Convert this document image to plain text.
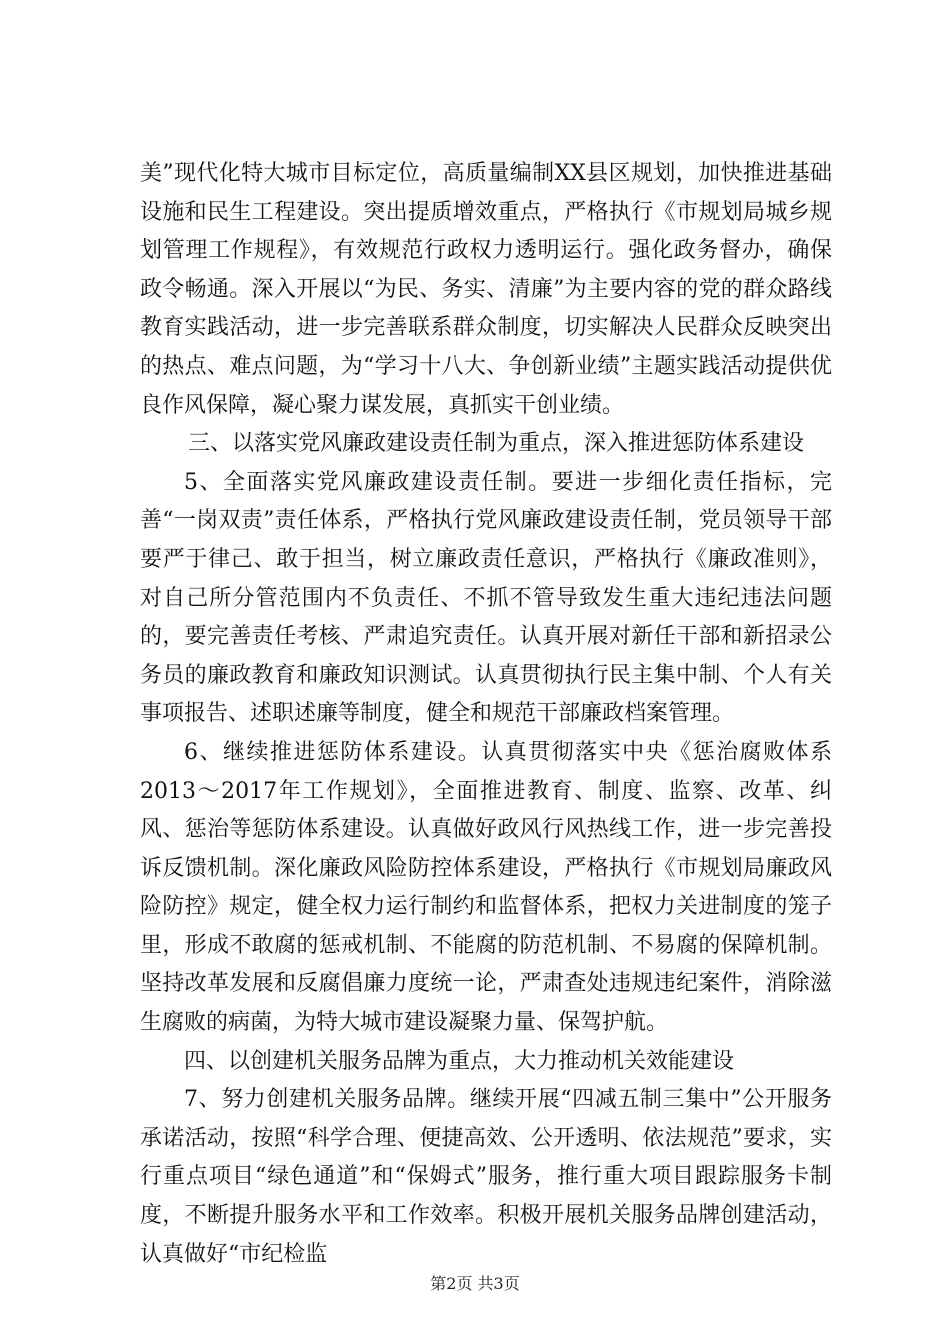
美”现代化特大城市目标定位，高质量编制XX县区规划，加快推进基础设施和民生工程建设。突出提质增效重点，严格执行《市规划局城乡规划管理工作规程》，有效规范行政权力透明运行。强化政务督办，确保政令畅通。深入开展以“为民、务实、清廉”为主要内容的党的群众路线教育实践活动，进一步完善联系群众制度，切实解决人民群众反映突出的热点、难点问题，为“学习十八大、争创新业绩”主题实践活动提供优良作风保障，凝心聚力谋发展，真抓实干创业绩。

三、以落实党风廉政建设责任制为重点，深入推进惩防体系建设

5、全面落实党风廉政建设责任制。要进一步细化责任指标，完善“一岗双责”责任体系，严格执行党风廉政建设责任制，党员领导干部要严于律己、敢于担当，树立廉政责任意识，严格执行《廉政准则》，对自己所分管范围内不负责任、不抓不管导致发生重大违纪违法问题的，要完善责任考核、严肃追究责任。认真开展对新任干部和新招录公务员的廉政教育和廉政知识测试。认真贯彻执行民主集中制、个人有关事项报告、述职述廉等制度，健全和规范干部廉政档案管理。

6、继续推进惩防体系建设。认真贯彻落实中央《惩治腐败体系2013～2017年工作规划》，全面推进教育、制度、监察、改革、纠风、惩治等惩防体系建设。认真做好政风行风热线工作，进一步完善投诉反馈机制。深化廉政风险防控体系建设，严格执行《市规划局廉政风险防控》规定，健全权力运行制约和监督体系，把权力关进制度的笼子里，形成不敢腐的惩戒机制、不能腐的防范机制、不易腐的保障机制。坚持改革发展和反腐倡廉力度统一论，严肃查处违规违纪案件，消除滋生腐败的病菌，为特大城市建设凝聚力量、保驾护航。

四、以创建机关服务品牌为重点，大力推动机关效能建设

7、努力创建机关服务品牌。继续开展“四减五制三集中”公开服务承诺活动，按照“科学合理、便捷高效、公开透明、依法规范”要求，实行重点项目“绿色通道”和“保姆式”服务，推行重大项目跟踪服务卡制度，不断提升服务水平和工作效率。积极开展机关服务品牌创建活动，认真做好“市纪检监

第2页 共3页
